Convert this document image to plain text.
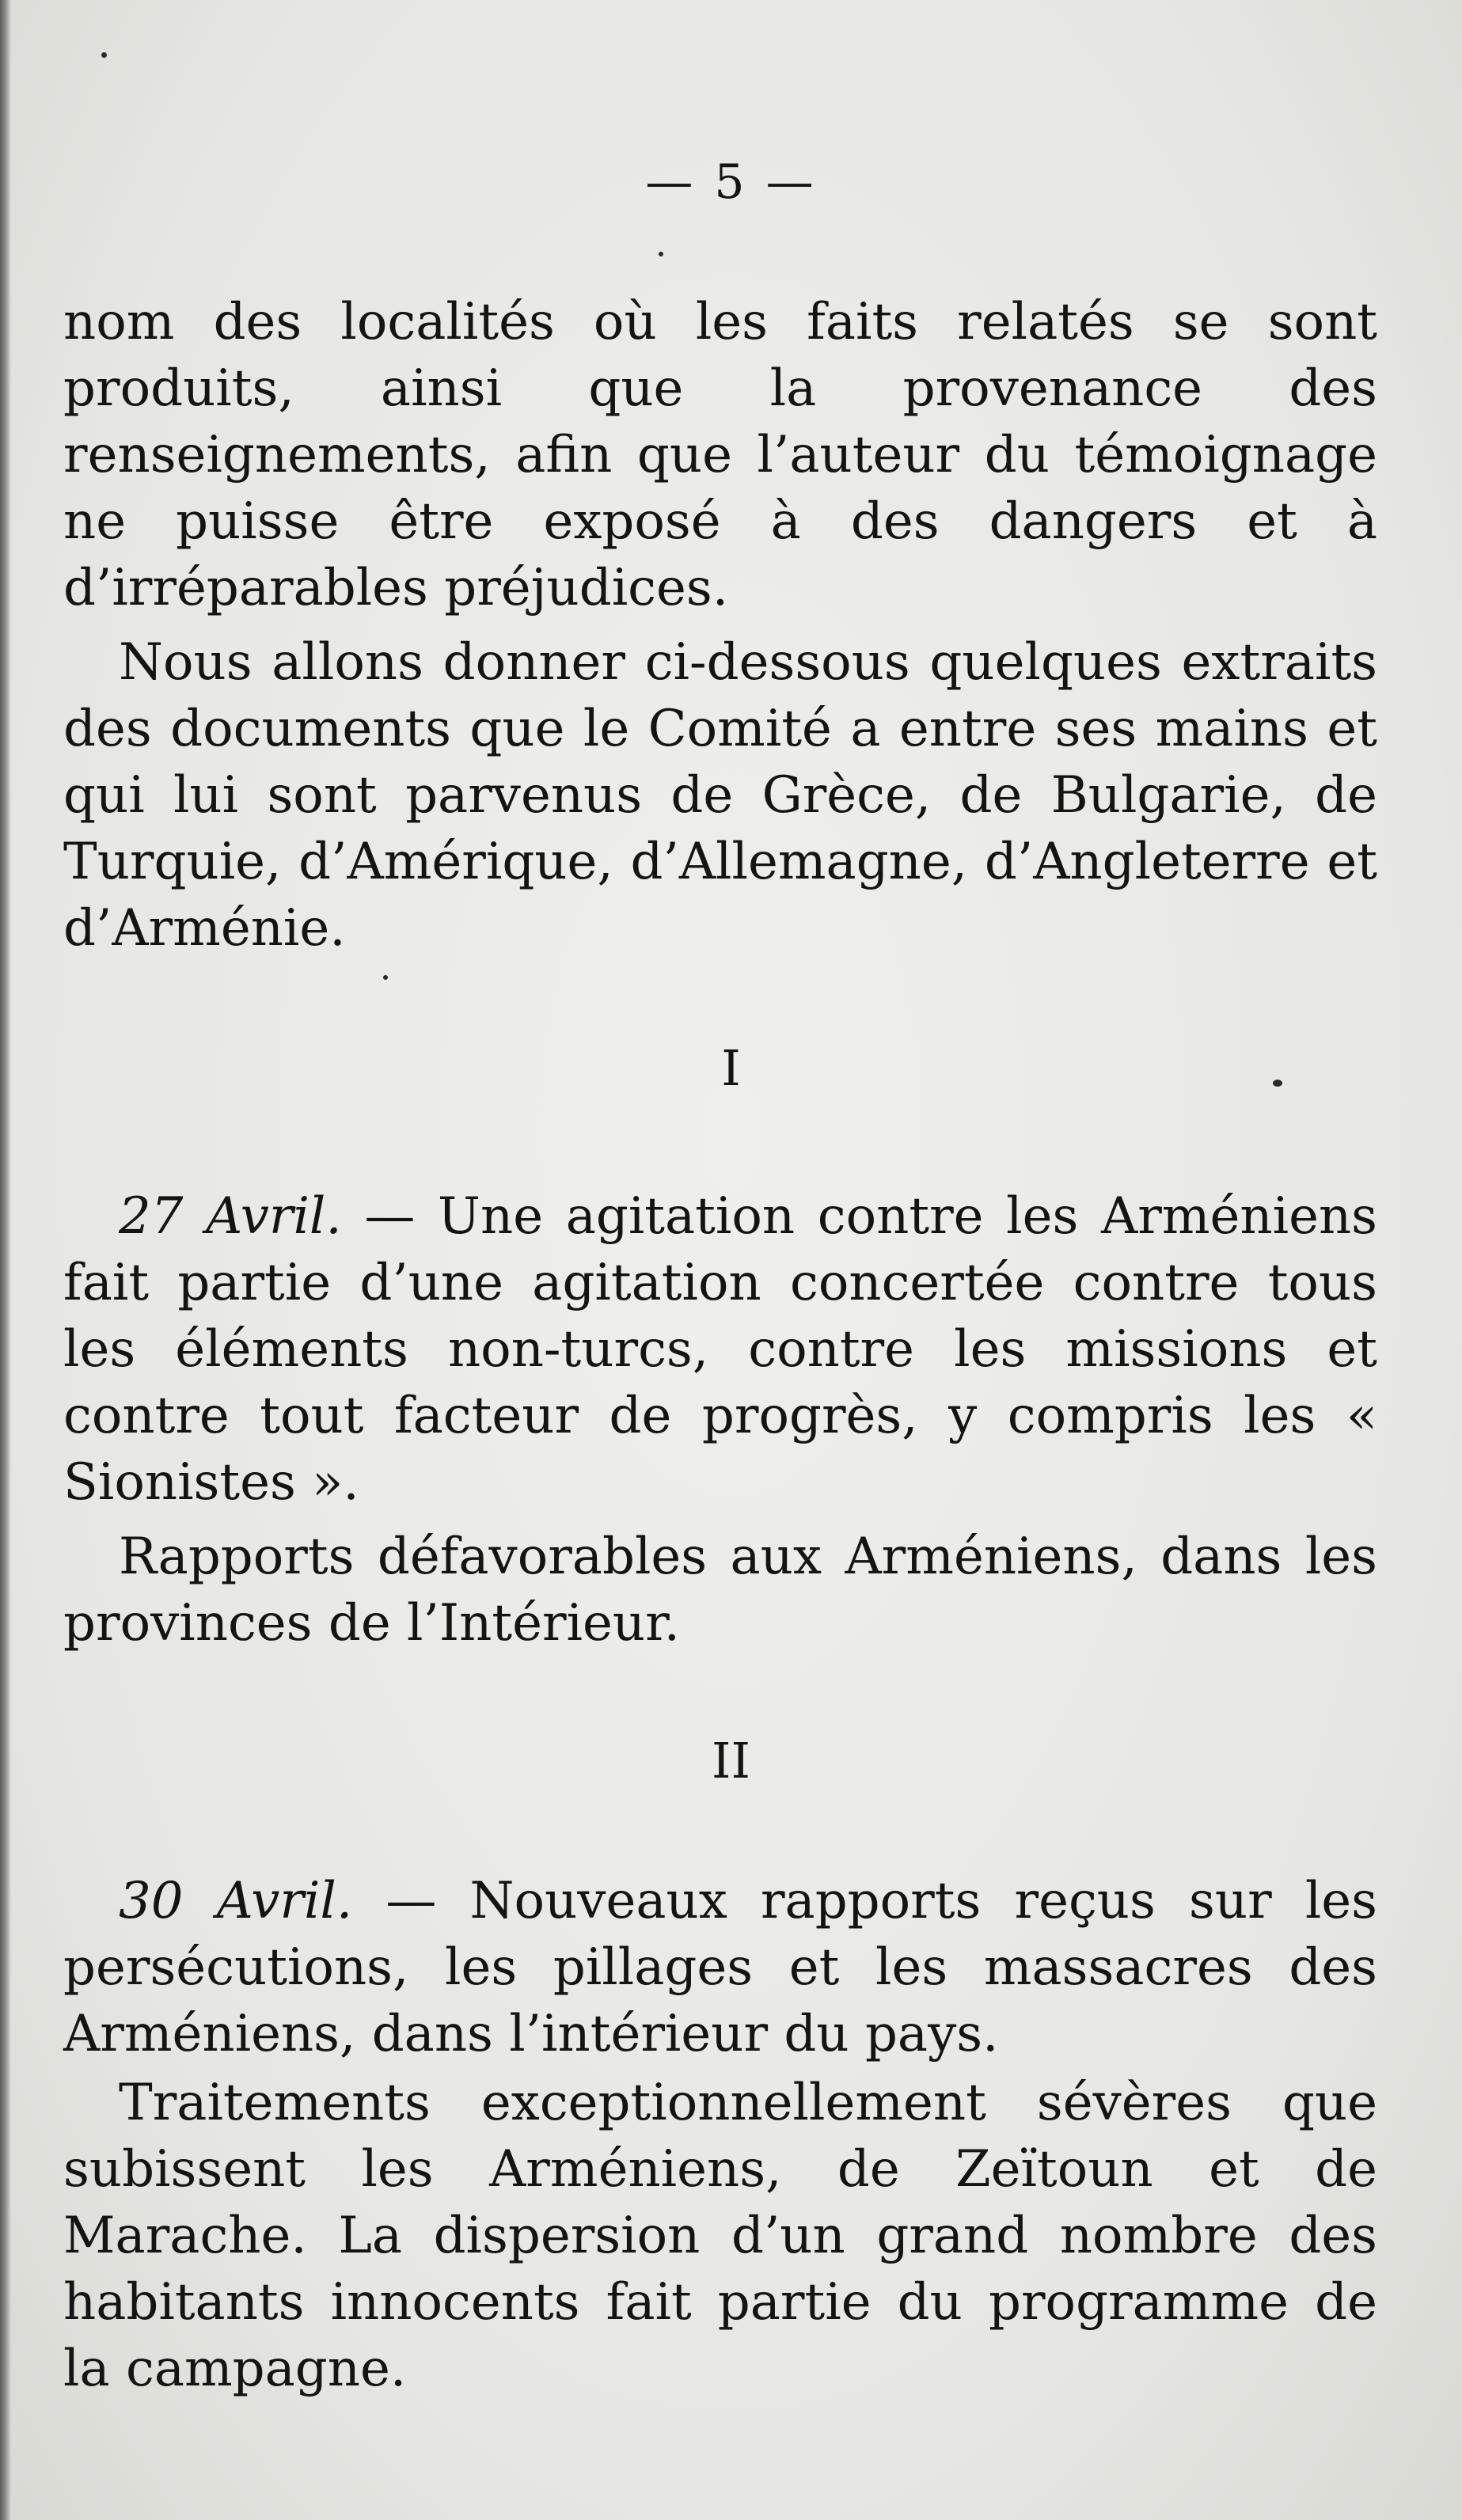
— 5 —

nom des localités où les faits relatés se sont produits, ainsi que la provenance des renseignements, afin que l’auteur du témoignage ne puisse être exposé à des dangers et à d’irréparables préjudices.

Nous allons donner ci-dessous quelques extraits des documents que le Comité a entre ses mains et qui lui sont parvenus de Grèce, de Bulgarie, de Turquie, d’Amérique, d’Allemagne, d’Angleterre et d’Arménie.

I

27 Avril. — Une agitation contre les Arméniens fait partie d’une agitation concertée contre tous les éléments non-turcs, contre les missions et contre tout facteur de progrès, y compris les « Sionistes ».

Rapports défavorables aux Arméniens, dans les provinces de l’Intérieur.

II

30 Avril. — Nouveaux rapports reçus sur les persécutions, les pillages et les massacres des Arméniens, dans l’intérieur du pays.

Traitements exceptionnellement sévères que subissent les Arméniens, de Zeïtoun et de Marache. La dispersion d’un grand nombre des habitants innocents fait partie du programme de la campagne.
